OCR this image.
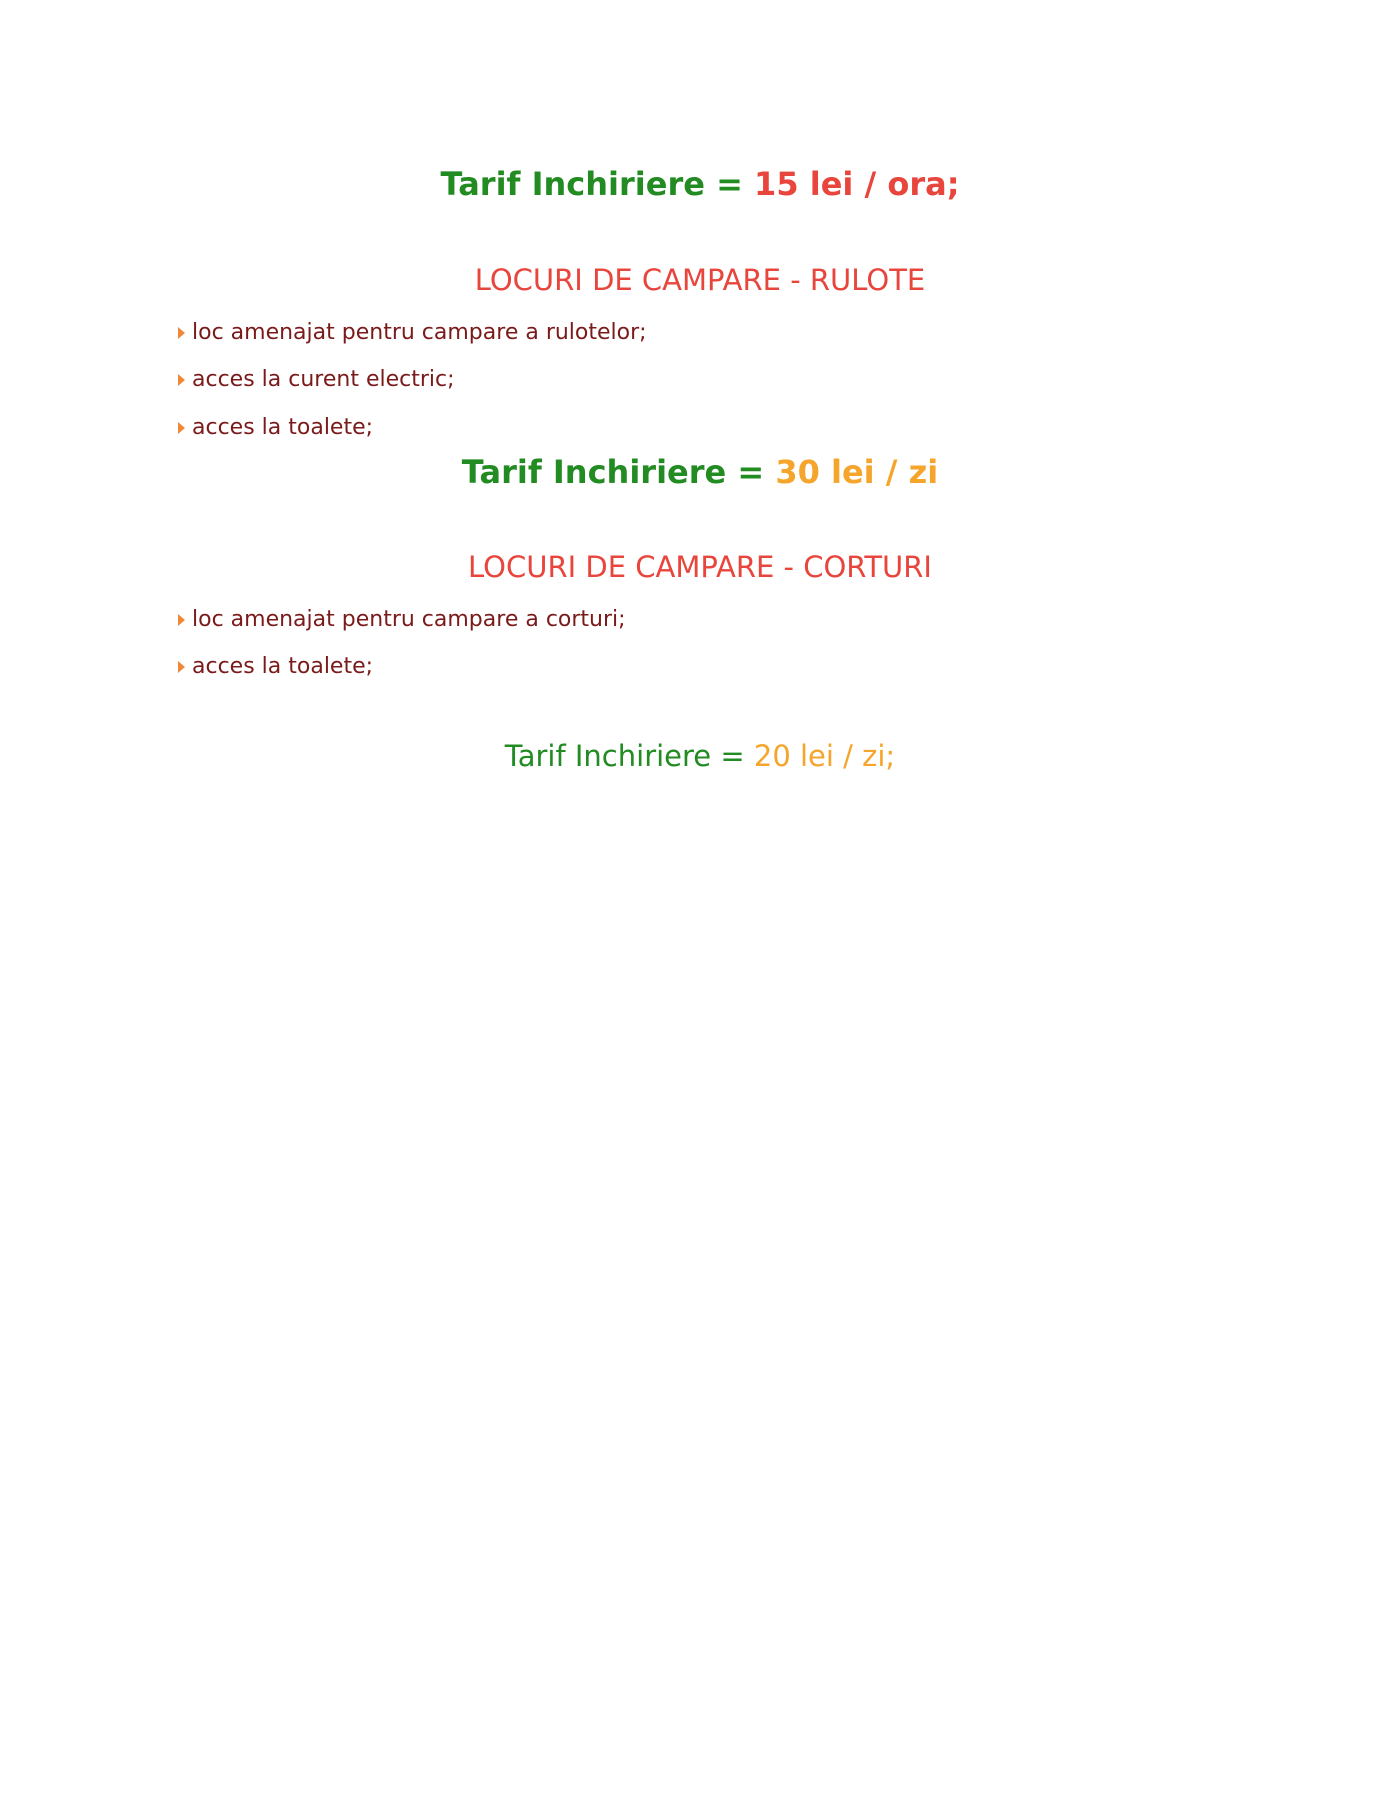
Tarif Inchiriere = 15 lei / ora;
LOCURI DE CAMPARE - RULOTE
loc amenajat pentru campare a rulotelor;
acces la curent electric;
acces la toalete;
Tarif Inchiriere = 30 lei / zi
LOCURI DE CAMPARE - CORTURI
loc amenajat pentru campare a corturi;
acces la toalete;
Tarif Inchiriere = 20 lei / zi;
